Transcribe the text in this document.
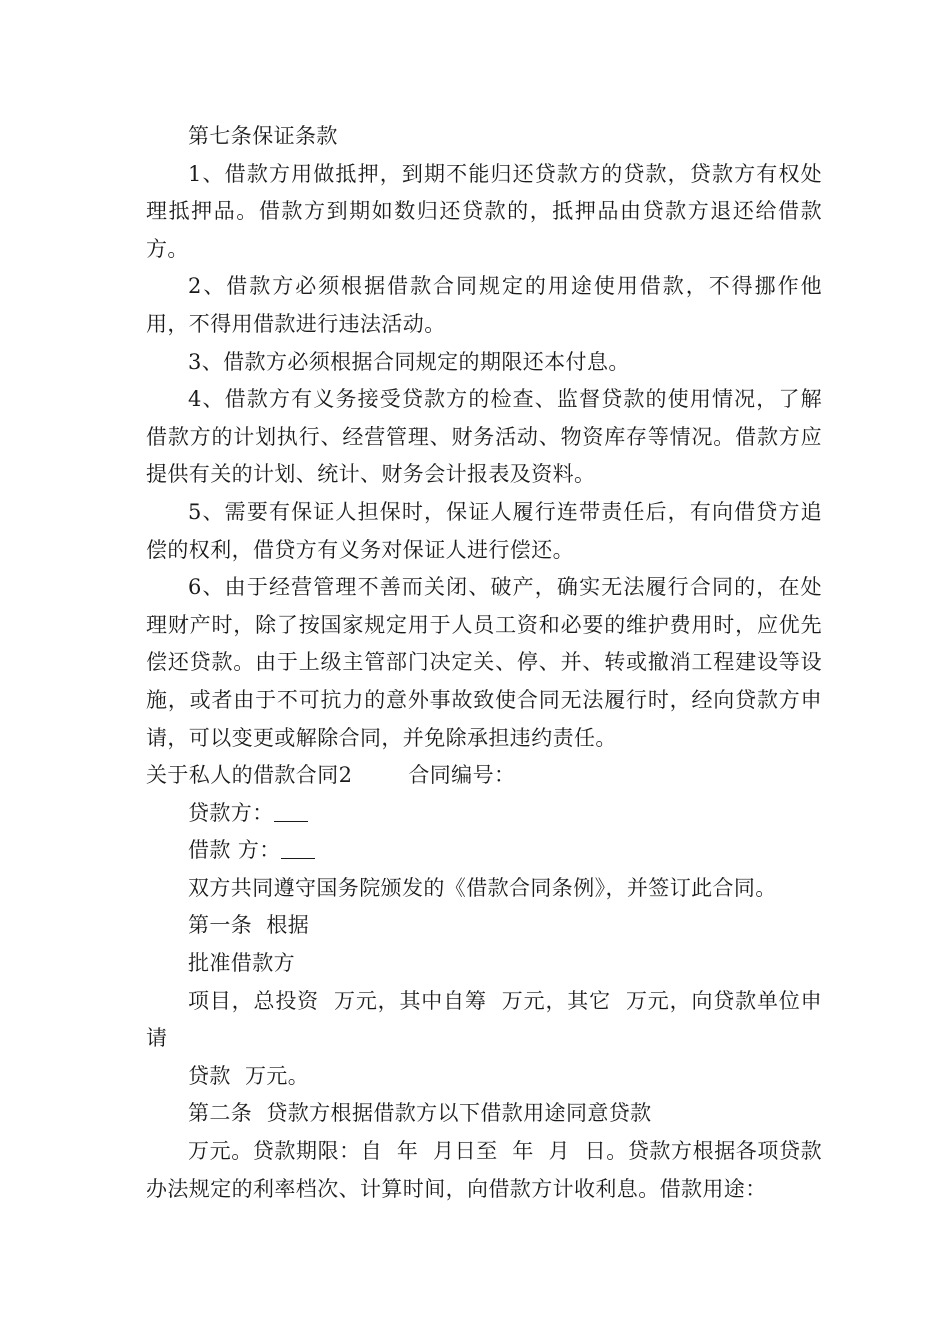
第七条保证条款

1、借款方用做抵押，到期不能归还贷款方的贷款，贷款方有权处理抵押品。借款方到期如数归还贷款的，抵押品由贷款方退还给借款方。

2、借款方必须根据借款合同规定的用途使用借款，不得挪作他用，不得用借款进行违法活动。

3、借款方必须根据合同规定的期限还本付息。

4、借款方有义务接受贷款方的检查、监督贷款的使用情况，了解借款方的计划执行、经营管理、财务活动、物资库存等情况。借款方应提供有关的计划、统计、财务会计报表及资料。

5、需要有保证人担保时，保证人履行连带责任后，有向借贷方追偿的权利，借贷方有义务对保证人进行偿还。

6、由于经营管理不善而关闭、破产，确实无法履行合同的，在处理财产时，除了按国家规定用于人员工资和必要的维护费用时，应优先偿还贷款。由于上级主管部门决定关、停、并、转或撤消工程建设等设施，或者由于不可抗力的意外事故致使合同无法履行时，经向贷款方申请，可以变更或解除合同，并免除承担违约责任。

关于私人的借款合同2	合同编号：

贷款方：

借款 方：

双方共同遵守国务院颁发的《借款合同条例》，并签订此合同。

第一条  根据

批准借款方

项目，总投资  万元，其中自筹  万元，其它  万元，向贷款单位申请

贷款  万元。

第二条  贷款方根据借款方以下借款用途同意贷款

万元。贷款期限：自  年  月日至  年  月  日。贷款方根据各项贷款办法规定的利率档次、计算时间，向借款方计收利息。借款用途：
